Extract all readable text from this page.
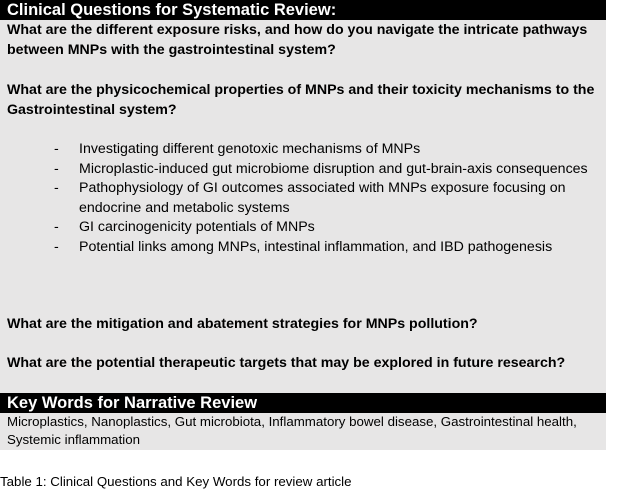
Clinical Questions for Systematic Review:
What are the different exposure risks, and how do you navigate the intricate pathways between MNPs with the gastrointestinal system?
What are the physicochemical properties of MNPs and their toxicity mechanisms to the Gastrointestinal system?
- Investigating different genotoxic mechanisms of MNPs
- Microplastic-induced gut microbiome disruption and gut-brain-axis consequences
- Pathophysiology of GI outcomes associated with MNPs exposure focusing on endocrine and metabolic systems
- GI carcinogenicity potentials of MNPs
- Potential links among MNPs, intestinal inflammation, and IBD pathogenesis
What are the mitigation and abatement strategies for MNPs pollution?
What are the potential therapeutic targets that may be explored in future research?
Key Words for Narrative Review
Microplastics, Nanoplastics, Gut microbiota, Inflammatory bowel disease, Gastrointestinal health, Systemic inflammation
Table 1: Clinical Questions and Key Words for review article
